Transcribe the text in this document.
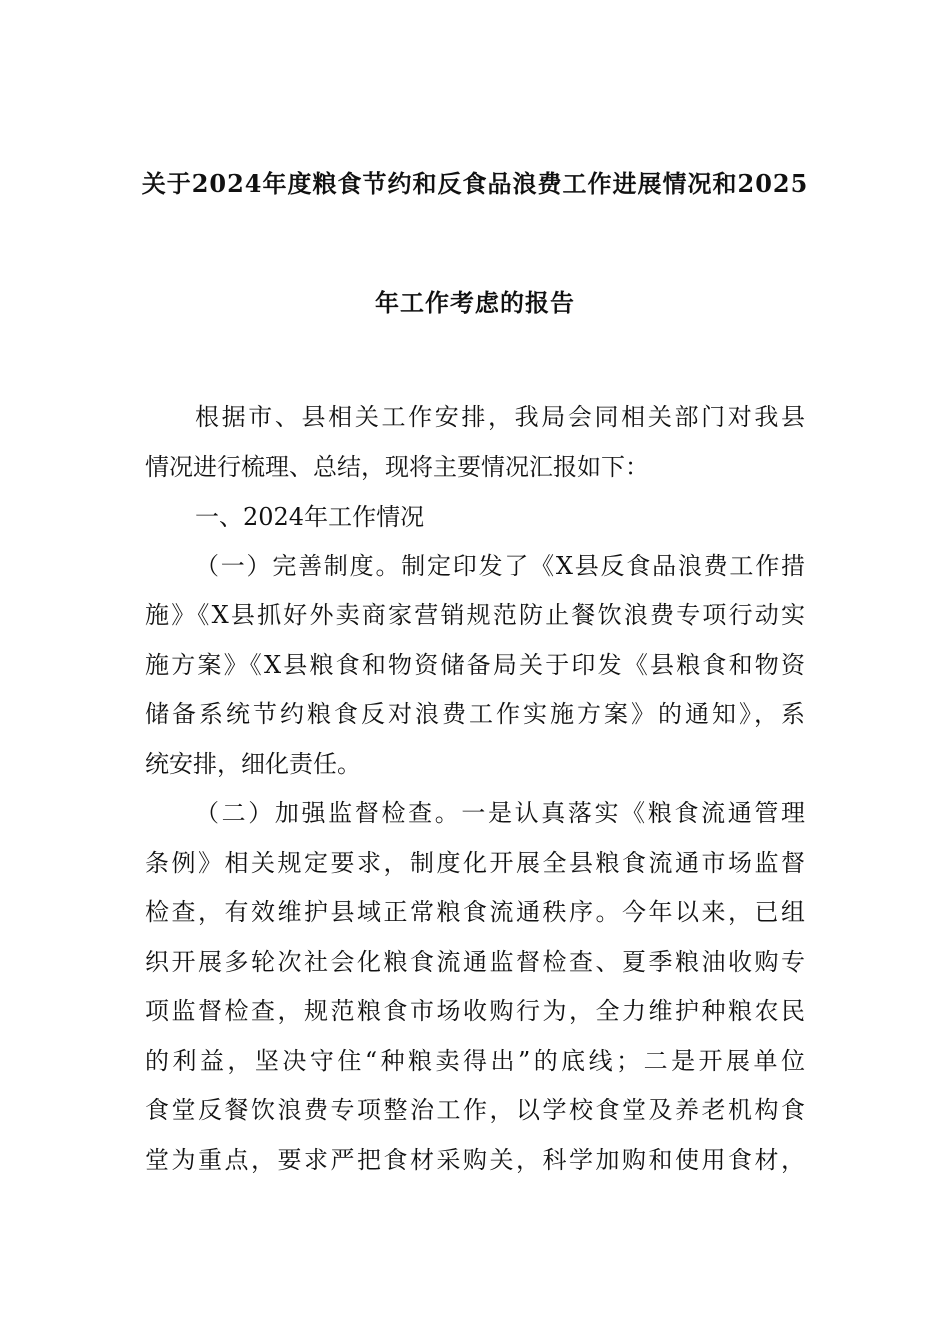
关于2024年度粮食节约和反食品浪费工作进展情况和2025
年工作考虑的报告
根据市、县相关工作安排，我局会同相关部门对我县
情况进行梳理、总结，现将主要情况汇报如下：
一、2024年工作情况
（一）完善制度。制定印发了《X县反食品浪费工作措
施》《X县抓好外卖商家营销规范防止餐饮浪费专项行动实
施方案》《X县粮食和物资储备局关于印发《县粮食和物资
储备系统节约粮食反对浪费工作实施方案》的通知》，系
统安排，细化责任。
（二）加强监督检查。一是认真落实《粮食流通管理
条例》相关规定要求，制度化开展全县粮食流通市场监督
检查，有效维护县域正常粮食流通秩序。今年以来，已组
织开展多轮次社会化粮食流通监督检查、夏季粮油收购专
项监督检查，规范粮食市场收购行为，全力维护种粮农民
的利益，坚决守住“种粮卖得出”的底线；二是开展单位
食堂反餐饮浪费专项整治工作，以学校食堂及养老机构食
堂为重点，要求严把食材采购关，科学加购和使用食材，
